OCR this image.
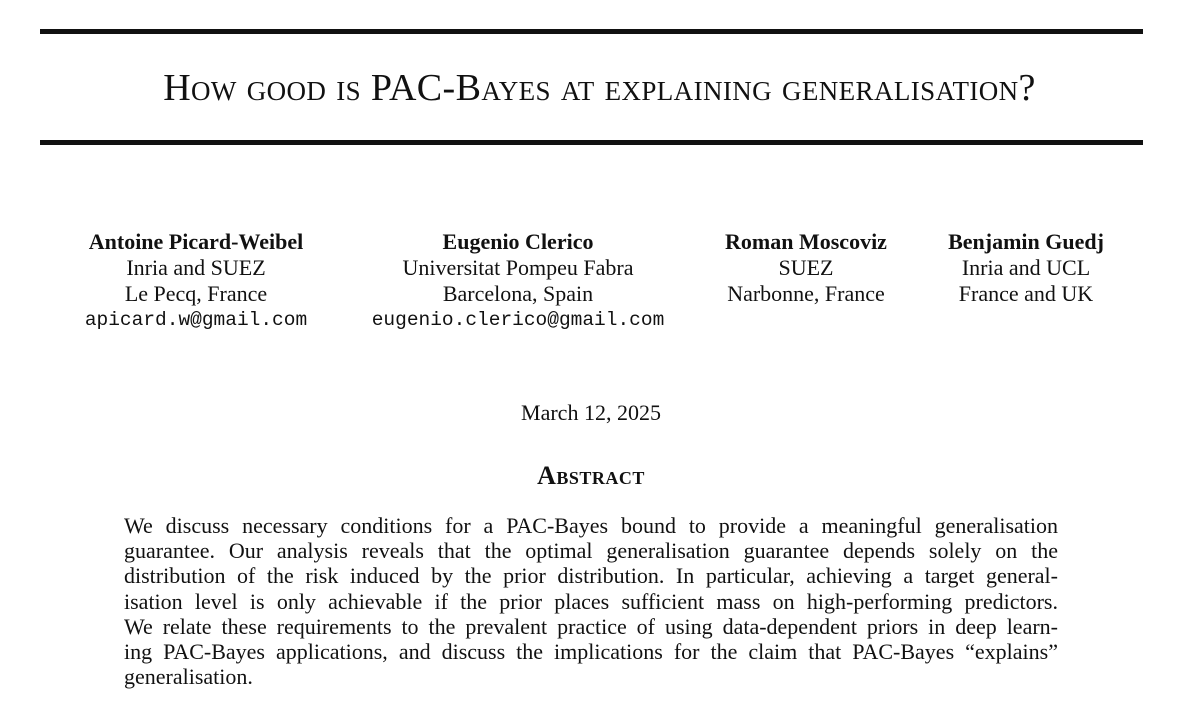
How good is PAC-Bayes at explaining generalisation?
Antoine Picard-Weibel
Inria and SUEZ
Le Pecq, France
apicard.w@gmail.com
Eugenio Clerico
Universitat Pompeu Fabra
Barcelona, Spain
eugenio.clerico@gmail.com
Roman Moscoviz
SUEZ
Narbonne, France
Benjamin Guedj
Inria and UCL
France and UK
March 12, 2025
Abstract
We discuss necessary conditions for a PAC-Bayes bound to provide a meaningful generalisation
guarantee. Our analysis reveals that the optimal generalisation guarantee depends solely on the
distribution of the risk induced by the prior distribution. In particular, achieving a target general-
isation level is only achievable if the prior places sufficient mass on high-performing predictors.
We relate these requirements to the prevalent practice of using data-dependent priors in deep learn-
ing PAC-Bayes applications, and discuss the implications for the claim that PAC-Bayes “explains”
generalisation.
